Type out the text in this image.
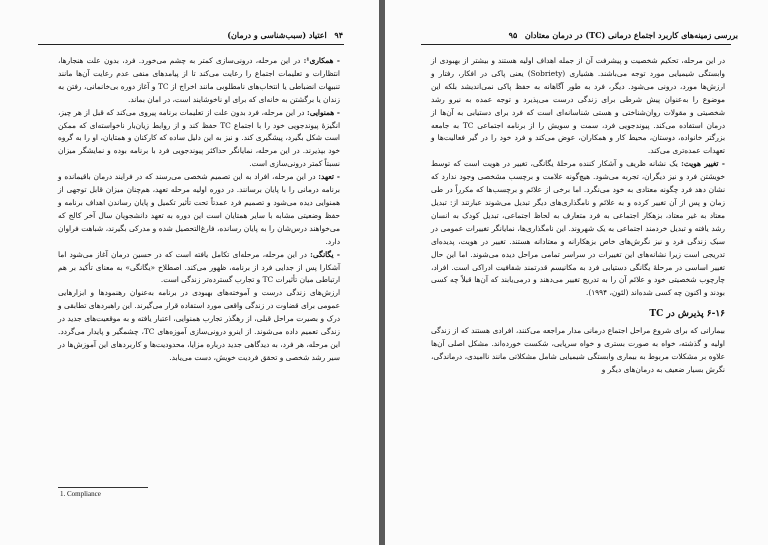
۹۴   اعتیاد (سبب‌شناسی و درمان)

- همکاری¹: در این مرحله، درونی‌سازی کمتر به چشم می‌خورد. فرد، بدون علت هنجارها، انتظارات و تعلیمات اجتماع را رعایت می‌کند تا از پیامدهای منفی عدم رعایت آن‌ها مانند تنبیهات انضباطی یا انتخاب‌های نامطلوبی مانند اخراج از TC و آغاز دوره بی‌خانمانی، رفتن به زندان یا برگشتن به خانه‌ای که برای او ناخوشایند است، در امان بماند.

- همنوایی: در این مرحله، فرد بدون علت از تعلیمات برنامه پیروی می‌کند که قبل از هر چیز، انگیزهٔ پیوندجویی خود را با اجتماع TC حفظ کند و از روابط زیان‌بار ناخواسته‌ای که ممکن است شکل بگیرد، پیشگیری کند. و نیز به این دلیل ساده که کارکنان و همتایان، او را به گروه خود بپذیرند. در این مرحله، نمایانگر حداکثر پیوندجویی فرد با برنامه بوده و نمایشگر میزان نسبتاً کمتر درونی‌سازی است.

- تعهد: در این مرحله، افراد به این تصمیم شخصی می‌رسند که در فرایند درمان باقیمانده و برنامه درمانی را با پایان برسانند. در دوره اولیه مرحله تعهد، هم‌چنان میزان قابل توجهی از همنوایی دیده می‌شود و تصمیم فرد عمدتاً تحت تأثیر تکمیل و پایان رساندن اهداف برنامه و حفظ وضعیتی مشابه با سایر همتایان است این دوره به تعهد دانشجویان سال آخر کالج که می‌خواهند درس‌شان را به پایان رسانده، فارغ‌التحصیل شده و مدرکی بگیرند، شباهت فراوان دارد.

- یگانگی: در این مرحله، مرحله‌ای تکامل یافته است که در حسین درمان آغاز می‌شود اما آشکارا پس از جدایی فرد از برنامه، ظهور می‌کند. اصطلاح «یگانگی» به معنای تأکید بر هم ارتباطی میان تأثیرات TC و تجارب گسترده‌تر زندگی است.

ارزش‌های زندگی درست و آموخته‌های بهبودی در برنامه به‌عنوان رهنمودها و ابزارهایی عمومی برای قضاوت در زندگی واقعی مورد استفاده قرار می‌گیرند. این راهبردهای تطابقی و درک و بصیرت مراحل قبلی، از رهگذر تجارب همنوایی، اعتبار یافته و به موقعیت‌های جدید در زندگی تعمیم داده می‌شوند. از اینرو درونی‌سازی آموزه‌های TC، چشمگیر و پایدار می‌گردد. این مرحله، هر فرد، به دیدگاهی جدید درباره مزایا، محدودیت‌ها و کاربردهای این آموزش‌ها در سیر رشد شخصی و تحقق فردیت خویش، دست می‌یابد.

1. Compliance
بررسی زمینه‌های کاربرد اجتماع درمانی (TC) در درمان معتادان   ۹۵

در این مرحله، تحکیم شخصیت و پیشرفت آن از جمله اهداف اولیه هستند و بیشتر از بهبودی از وابستگی شیمیایی مورد توجه می‌باشند. هشیاری (Sobriety) یعنی پاکی در افکار، رفتار و ارزش‌ها مورد، درونی می‌شود. دیگر، فرد به طور آگاهانه به حفظ پاکی نمی‌اندیشد بلکه این موضوع را به‌عنوان پیش شرطی برای زندگی درست می‌پذیرد و توجه عمده به نیرو رشد شخصیتی و مقولات روان‌شناختی و هستی شناسانه‌ای است که فرد برای دستیابی به آن‌ها از درمان استفاده می‌کند. پیوندجویی فرد، سمت و سویش را از برنامه اجتماعی TC به جامعه بزرگتر خانواده، دوستان، محیط کار و همکاران، عوض می‌کند و فرد خود را در گیر فعالیت‌ها و تعهدات عمده‌تری می‌کند.

- تغییر هویت: یک نشانه ظریف و آشکار کننده مرحلهٔ یگانگی، تغییر در هویت است که توسط خویشتن فرد و نیز دیگران، تجربه می‌شود. هیچ‌گونه علامت و برچسب مشخصی وجود ندارد که نشان دهد فرد چگونه معتادی به خود می‌نگرد. اما برخی از علائم و برچسب‌ها که مکرراً در طی زمان و پس از آن تغییر کرده و به علائم و نامگذاری‌های دیگر تبدیل می‌شوند عبارتند از: تبدیل معتاد به غیر معتاد، بزهکار اجتماعی به فرد متعارف به لحاظ اجتماعی، تبدیل کودک به انسان رشد یافته و تبدیل خردمند اجتماعی به یک شهروند. این نامگذاری‌ها، نمایانگر تغییرات عمومی در سبک زندگی فرد و نیز نگرش‌های خاص بزهکارانه و معتادانه هستند. تغییر در هویت، پدیده‌ای تدریجی است زیرا نشانه‌های این تغییرات در سراسر تمامی مراحل دیده می‌شوند. اما این حال تغییر اساسی در مرحلهٔ یگانگی دستیابی فرد به مکانیسم قدرتمند شفافیت ادراکی است. افراد، چارچوب شخصیتی خود و علائم آن را به تدریج تغییر می‌دهند و درمی‌یابند که آن‌ها قبلاً چه کسی بودند و اکنون چه کسی شده‌اند (لئون، ۱۹۹۴).

۶-۱۶ پذیرش در TC

بیمارانی که برای شروع مراحل اجتماع درمانی مدار مراجعه می‌کنند، افرادی هستند که از زندگی اولیه و گذشته، خواه به صورت بستری و خواه سرپایی، شکست خورده‌اند. مشکل اصلی آن‌ها علاوه بر مشکلات مربوط به بیماری وابستگی شیمیایی شامل مشکلاتی مانند ناامیدی، درماندگی، نگرش بسیار ضعیف به درمان‌های دیگر و
